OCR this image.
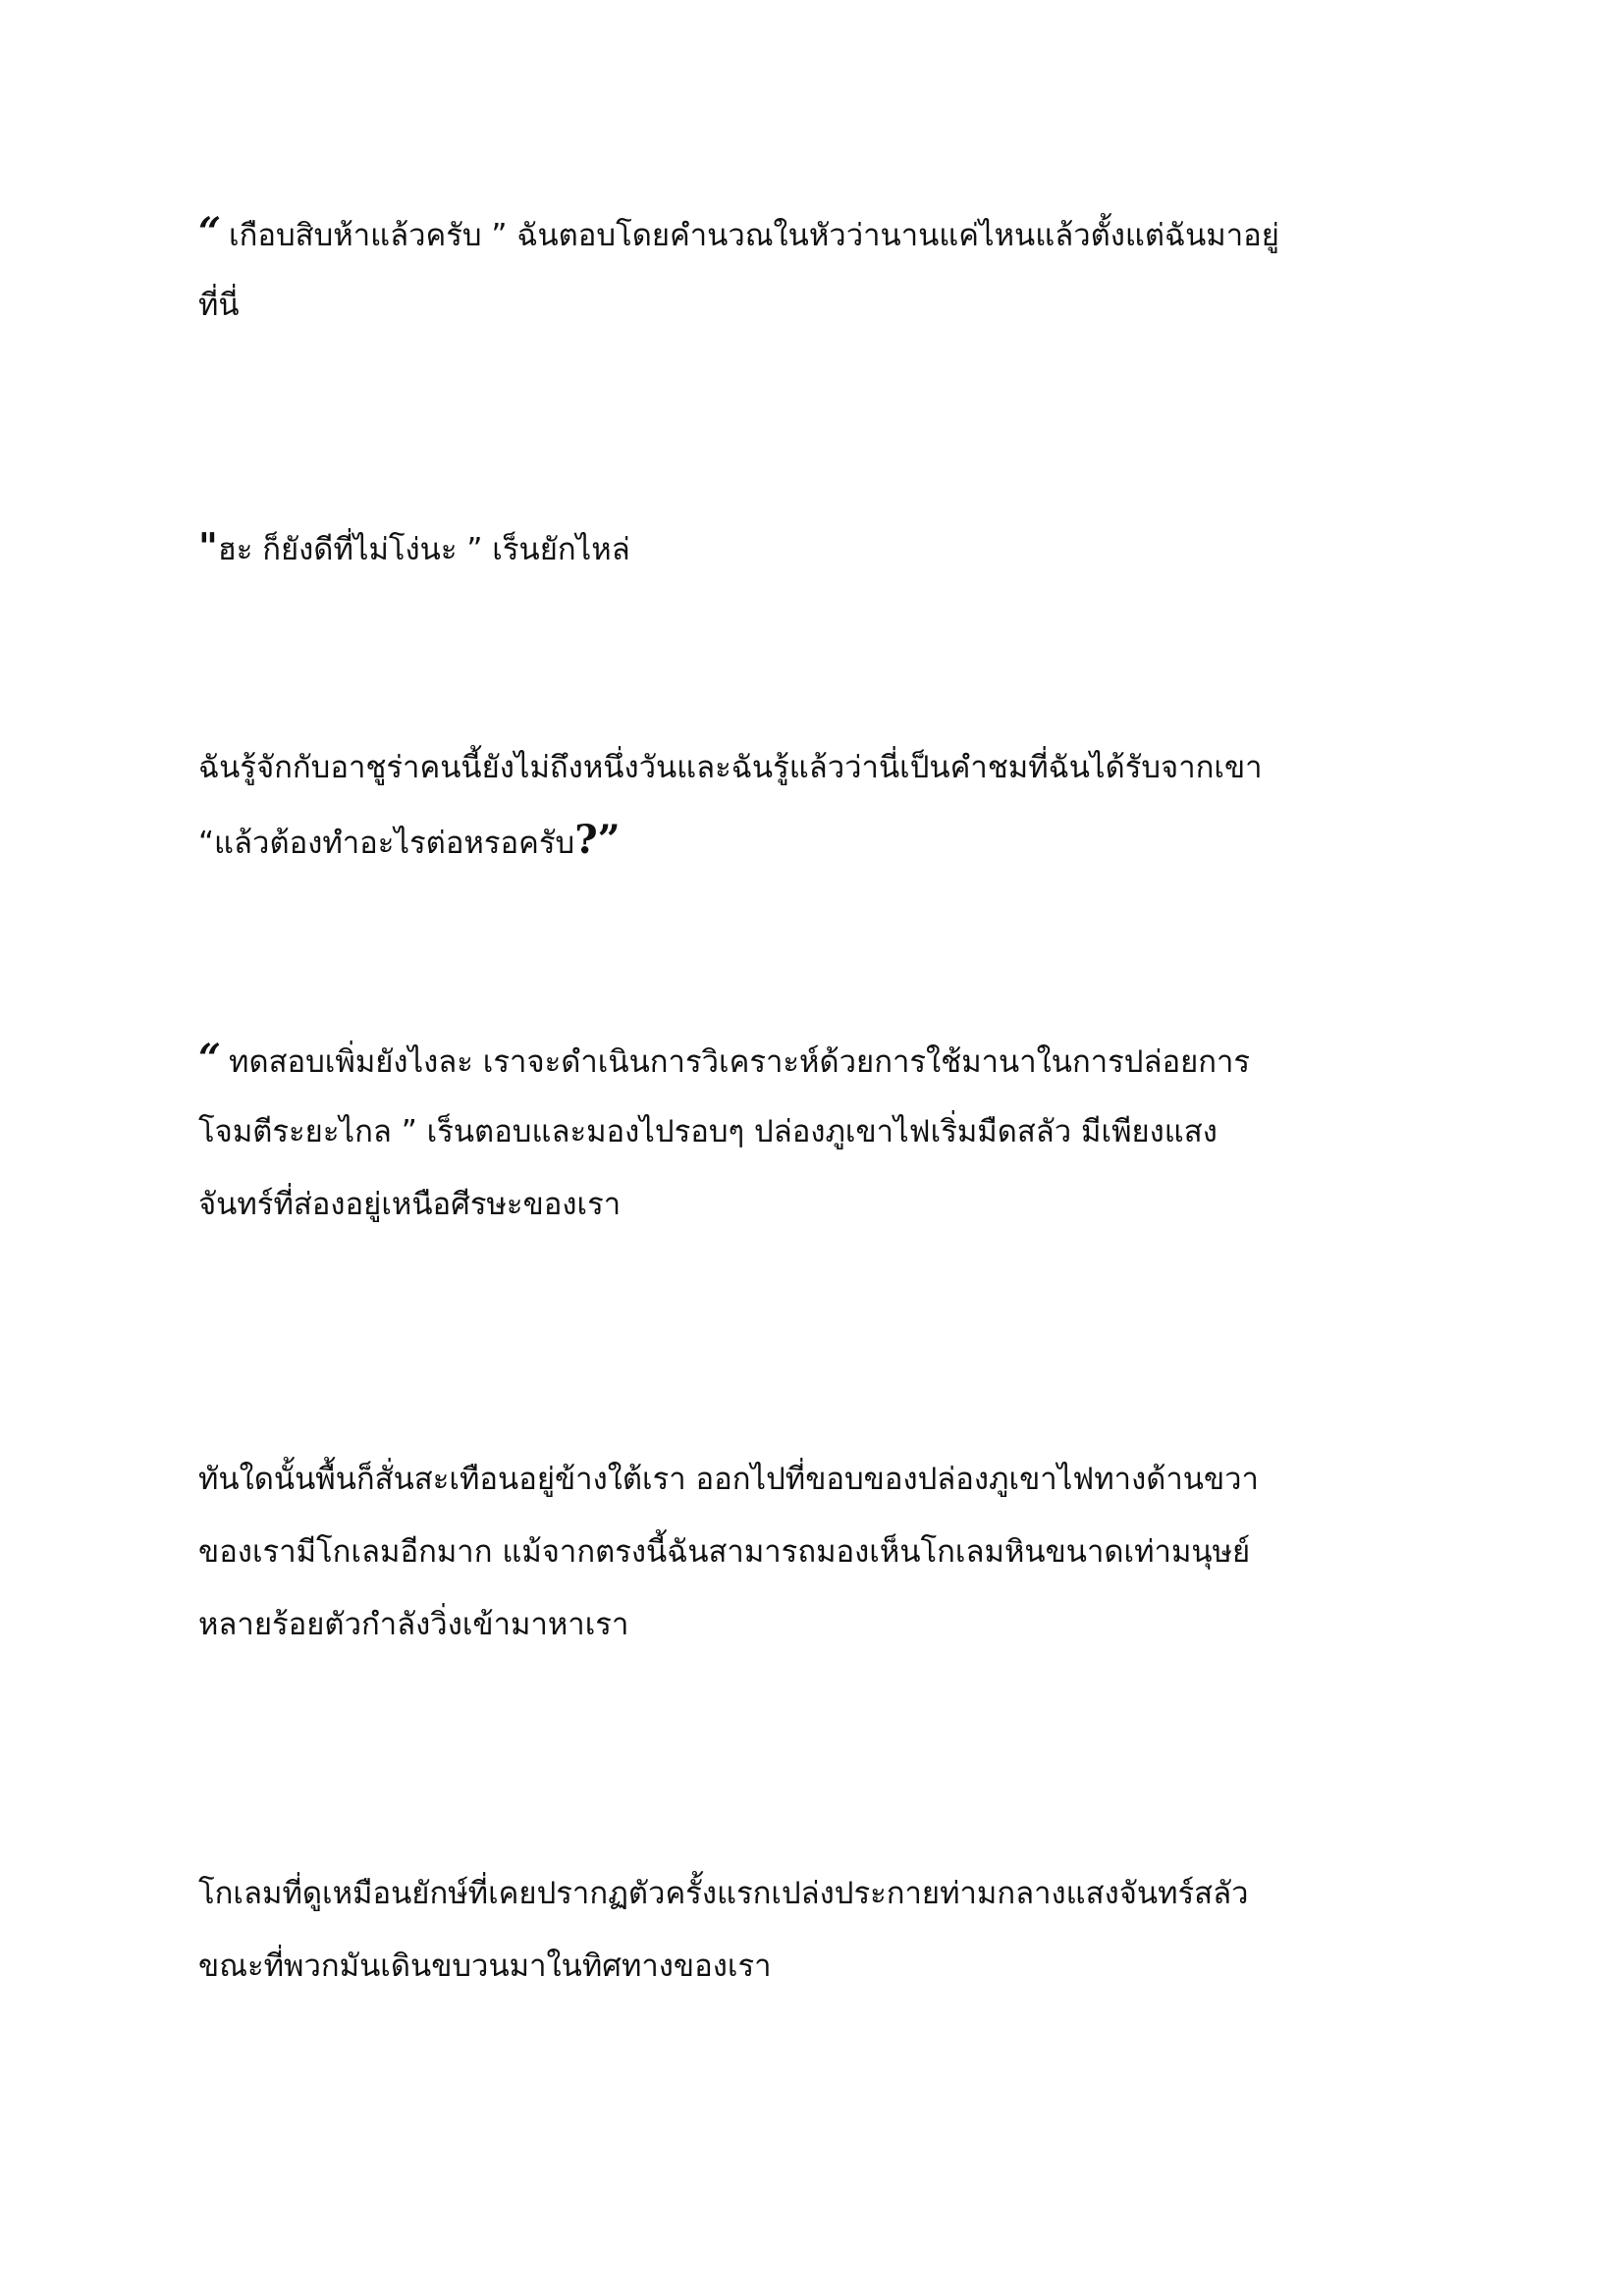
“ เกือบสิบห้าแล้วครับ ” ฉันตอบโดยคำนวณในหัวว่านานแค่ไหนแล้วตั้งแต่ฉันมาอยู่
ที่นี่

"ฮะ ก็ยังดีที่ไม่โง่นะ ” เร็นยักไหล่

ฉันรู้จักกับอาชูร่าคนนี้ยังไม่ถึงหนึ่งวันและฉันรู้แล้วว่านี่เป็นคำชมที่ฉันได้รับจากเขา
“แล้วต้องทำอะไรต่อหรอครับ?”

“ ทดสอบเพิ่มยังไงละ เราจะดำเนินการวิเคราะห์ด้วยการใช้มานาในการปล่อยการ
โจมตีระยะไกล ” เร็นตอบและมองไปรอบๆ ปล่องภูเขาไฟเริ่มมืดสลัว มีเพียงแสง
จันทร์ที่ส่องอยู่เหนือศีรษะของเรา

ทันใดนั้นพื้นก็สั่นสะเทือนอยู่ข้างใต้เรา ออกไปที่ขอบของปล่องภูเขาไฟทางด้านขวา
ของเรามีโกเลมอีกมาก แม้จากตรงนี้ฉันสามารถมองเห็นโกเลมหินขนาดเท่ามนุษย์
หลายร้อยตัวกำลังวิ่งเข้ามาหาเรา

โกเลมที่ดูเหมือนยักษ์ที่เคยปรากฏตัวครั้งแรกเปล่งประกายท่ามกลางแสงจันทร์สลัว
ขณะที่พวกมันเดินขบวนมาในทิศทางของเรา
